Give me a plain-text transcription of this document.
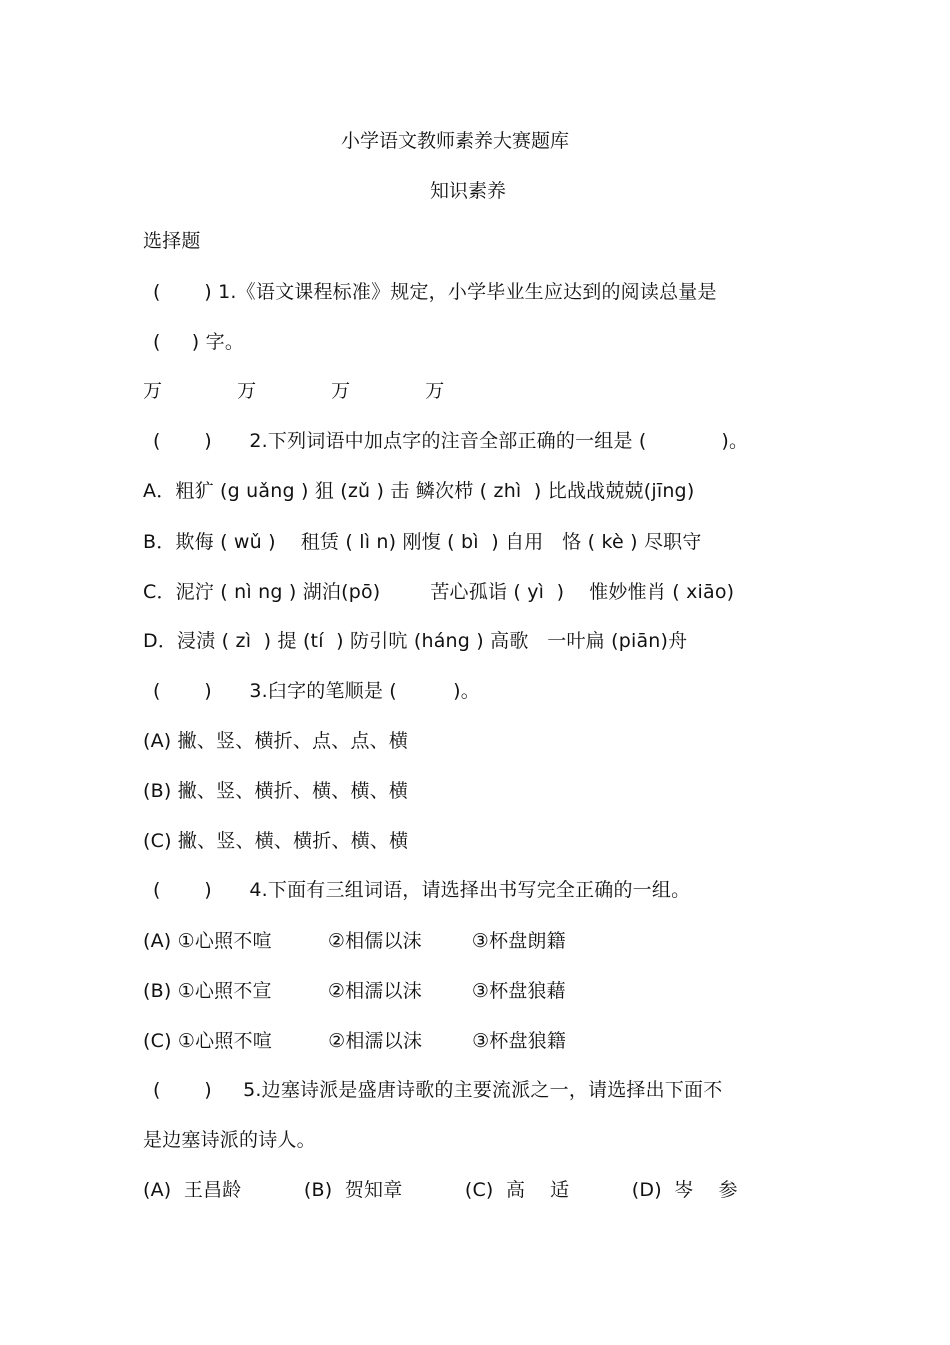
小学语文教师素养大赛题库
知识素养
选择题
(       ) 1.《语文课程标准》规定，小学毕业生应达到的阅读总量是
(     ) 字。
万            万            万            万
(       )      2.下列词语中加点字的注音全部正确的一组是 (            )。
A．粗犷 (g uǎng ) 狙 (zǔ ) 击 鳞次栉 ( zhì  ) 比战战兢兢(jīng)
B．欺侮 ( wǔ )    租赁 ( lì n) 刚愎 ( bì  ) 自用   恪 ( kè ) 尽职守
C．泥泞 ( nì ng ) 湖泊(pō)        苦心孤诣 ( yì  )    惟妙惟肖 ( xiāo)
D．浸渍 ( zì  ) 提 (tí  ) 防引吭 (háng ) 高歌   一叶扁 (piān)舟
(       )      3.臼字的笔顺是 (         )。
(A) 撇、竖、横折、点、点、横
(B) 撇、竖、横折、横、横、横
(C) 撇、竖、横、横折、横、横
(       )      4.下面有三组词语，请选择出书写完全正确的一组。
(A) ①心照不喧         ②相儒以沫        ③杯盘朗籍
(B) ①心照不宣         ②相濡以沫        ③杯盘狼藉
(C) ①心照不喧         ②相濡以沫        ③杯盘狼籍
(       )     5.边塞诗派是盛唐诗歌的主要流派之一，请选择出下面不
是边塞诗派的诗人。
(A)  王昌龄          (B)  贺知章          (C)  高    适          (D)  岑    参
